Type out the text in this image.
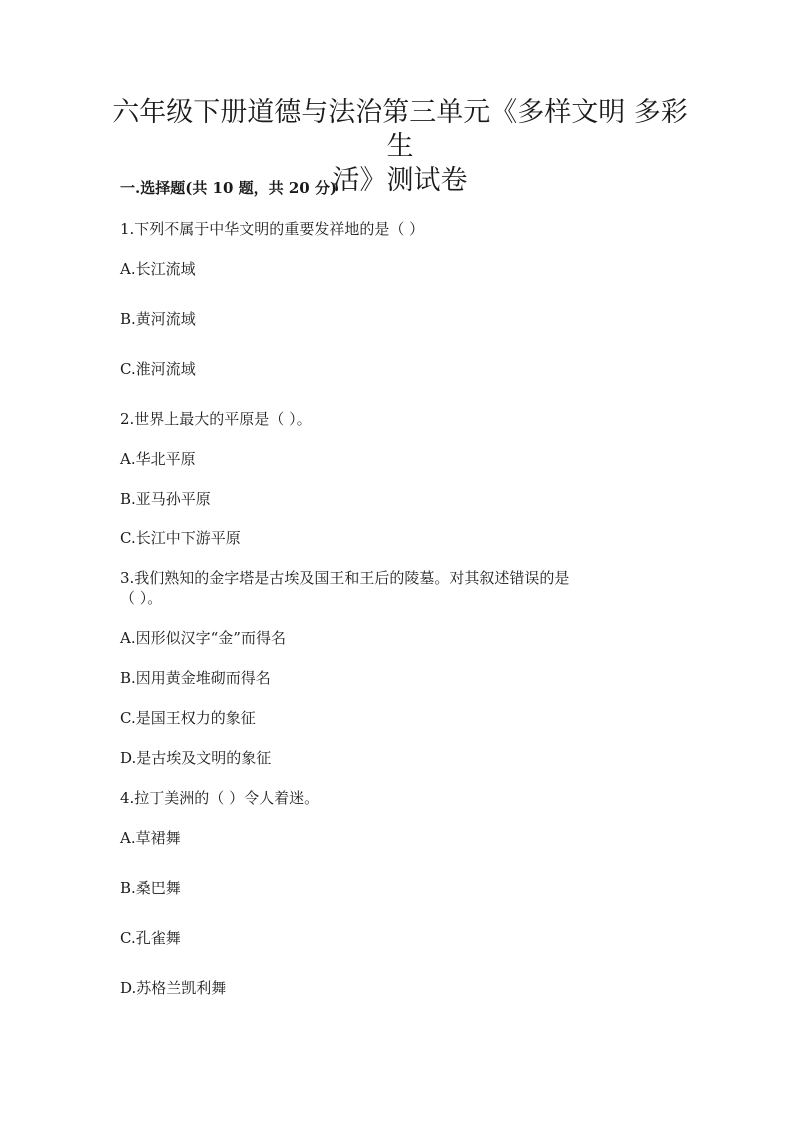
六年级下册道德与法治第三单元《多样文明 多彩生
活》测试卷

一.选择题(共 10 题，共 20 分)

1.下列不属于中华文明的重要发祥地的是（ ）

A.长江流域

B.黄河流域

C.淮河流域

2.世界上最大的平原是（ ）。

A.华北平原

B.亚马孙平原

C.长江中下游平原

3.我们熟知的金字塔是古埃及国王和王后的陵墓。对其叙述错误的是

（ ）。

A.因形似汉字“金”而得名

B.因用黄金堆砌而得名

C.是国王权力的象征

D.是古埃及文明的象征

4.拉丁美洲的（ ）令人着迷。

A.草裙舞

B.桑巴舞

C.孔雀舞

D.苏格兰凯利舞
